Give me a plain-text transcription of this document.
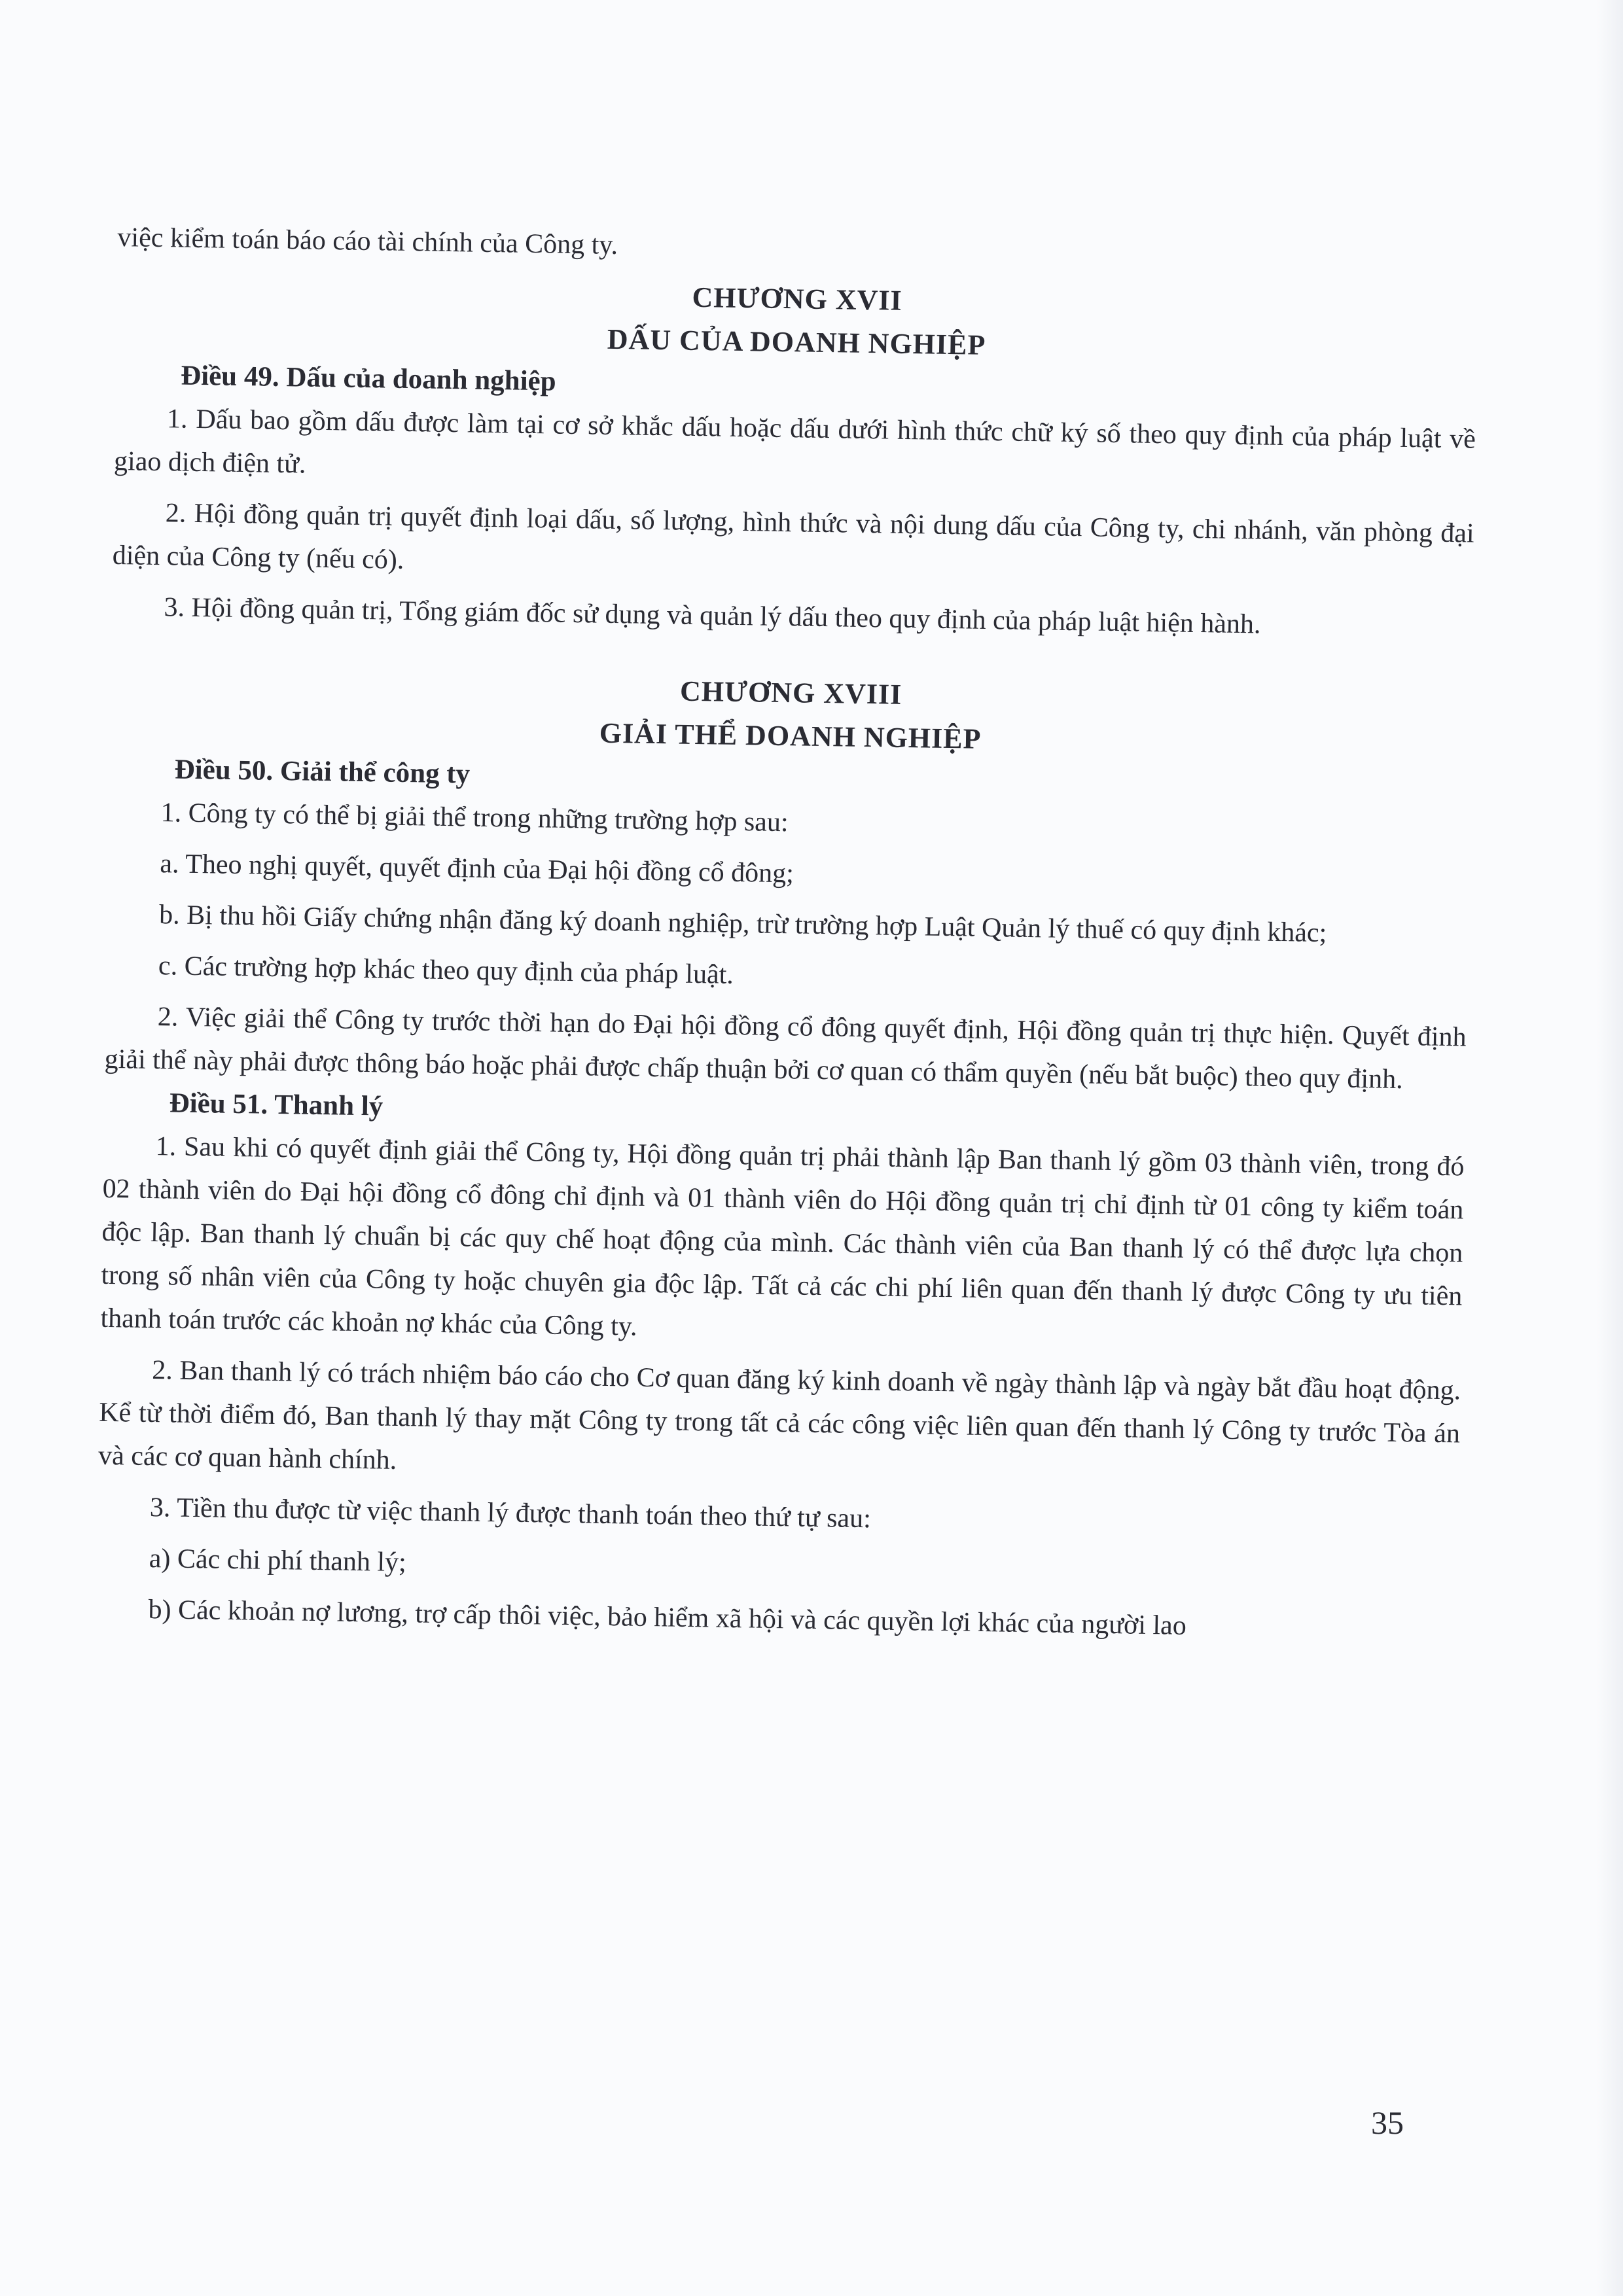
việc kiểm toán báo cáo tài chính của Công ty.

CHƯƠNG XVII

DẤU CỦA DOANH NGHIỆP

Điều 49. Dấu của doanh nghiệp

1. Dấu bao gồm dấu được làm tại cơ sở khắc dấu hoặc dấu dưới hình thức chữ ký số theo quy định của pháp luật về giao dịch điện tử.

2. Hội đồng quản trị quyết định loại dấu, số lượng, hình thức và nội dung dấu của Công ty, chi nhánh, văn phòng đại diện của Công ty (nếu có).

3. Hội đồng quản trị, Tổng giám đốc sử dụng và quản lý dấu theo quy định của pháp luật hiện hành.

CHƯƠNG XVIII

GIẢI THỂ DOANH NGHIỆP

Điều 50. Giải thể công ty

1. Công ty có thể bị giải thể trong những trường hợp sau:

a. Theo nghị quyết, quyết định của Đại hội đồng cổ đông;

b. Bị thu hồi Giấy chứng nhận đăng ký doanh nghiệp, trừ trường hợp Luật Quản lý thuế có quy định khác;

c. Các trường hợp khác theo quy định của pháp luật.

2. Việc giải thể Công ty trước thời hạn do Đại hội đồng cổ đông quyết định, Hội đồng quản trị thực hiện. Quyết định giải thể này phải được thông báo hoặc phải được chấp thuận bởi cơ quan có thẩm quyền (nếu bắt buộc) theo quy định.

Điều 51. Thanh lý

1. Sau khi có quyết định giải thể Công ty, Hội đồng quản trị phải thành lập Ban thanh lý gồm 03 thành viên, trong đó 02 thành viên do Đại hội đồng cổ đông chỉ định và 01 thành viên do Hội đồng quản trị chỉ định từ 01 công ty kiểm toán độc lập. Ban thanh lý chuẩn bị các quy chế hoạt động của mình. Các thành viên của Ban thanh lý có thể được lựa chọn trong số nhân viên của Công ty hoặc chuyên gia độc lập. Tất cả các chi phí liên quan đến thanh lý được Công ty ưu tiên thanh toán trước các khoản nợ khác của Công ty.

2. Ban thanh lý có trách nhiệm báo cáo cho Cơ quan đăng ký kinh doanh về ngày thành lập và ngày bắt đầu hoạt động. Kể từ thời điểm đó, Ban thanh lý thay mặt Công ty trong tất cả các công việc liên quan đến thanh lý Công ty trước Tòa án và các cơ quan hành chính.

3. Tiền thu được từ việc thanh lý được thanh toán theo thứ tự sau:

a) Các chi phí thanh lý;

b) Các khoản nợ lương, trợ cấp thôi việc, bảo hiểm xã hội và các quyền lợi khác của người lao

35
